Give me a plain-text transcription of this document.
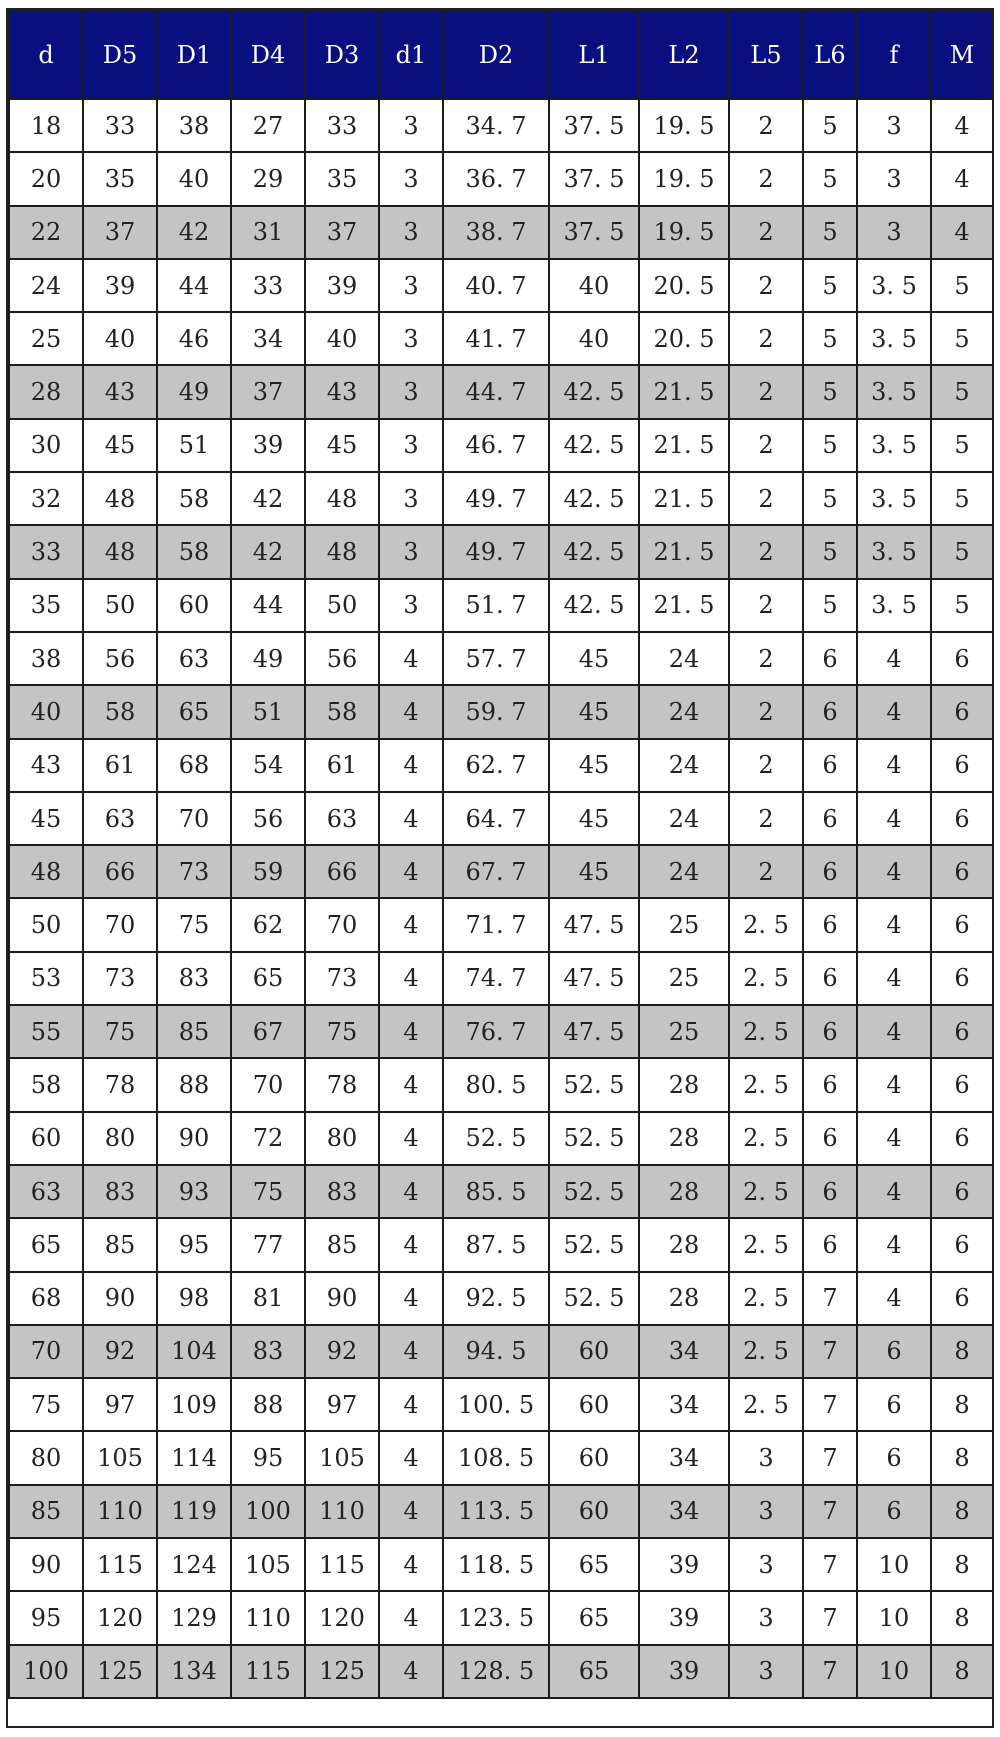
d	D5	D1	D4	D3	d1	D2	L1	L2	L5	L6	f	M
18	33	38	27	33	3	34. 7	37. 5	19. 5	2	5	3	4
20	35	40	29	35	3	36. 7	37. 5	19. 5	2	5	3	4
22	37	42	31	37	3	38. 7	37. 5	19. 5	2	5	3	4
24	39	44	33	39	3	40. 7	40	20. 5	2	5	3. 5	5
25	40	46	34	40	3	41. 7	40	20. 5	2	5	3. 5	5
28	43	49	37	43	3	44. 7	42. 5	21. 5	2	5	3. 5	5
30	45	51	39	45	3	46. 7	42. 5	21. 5	2	5	3. 5	5
32	48	58	42	48	3	49. 7	42. 5	21. 5	2	5	3. 5	5
33	48	58	42	48	3	49. 7	42. 5	21. 5	2	5	3. 5	5
35	50	60	44	50	3	51. 7	42. 5	21. 5	2	5	3. 5	5
38	56	63	49	56	4	57. 7	45	24	2	6	4	6
40	58	65	51	58	4	59. 7	45	24	2	6	4	6
43	61	68	54	61	4	62. 7	45	24	2	6	4	6
45	63	70	56	63	4	64. 7	45	24	2	6	4	6
48	66	73	59	66	4	67. 7	45	24	2	6	4	6
50	70	75	62	70	4	71. 7	47. 5	25	2. 5	6	4	6
53	73	83	65	73	4	74. 7	47. 5	25	2. 5	6	4	6
55	75	85	67	75	4	76. 7	47. 5	25	2. 5	6	4	6
58	78	88	70	78	4	80. 5	52. 5	28	2. 5	6	4	6
60	80	90	72	80	4	52. 5	52. 5	28	2. 5	6	4	6
63	83	93	75	83	4	85. 5	52. 5	28	2. 5	6	4	6
65	85	95	77	85	4	87. 5	52. 5	28	2. 5	6	4	6
68	90	98	81	90	4	92. 5	52. 5	28	2. 5	7	4	6
70	92	104	83	92	4	94. 5	60	34	2. 5	7	6	8
75	97	109	88	97	4	100. 5	60	34	2. 5	7	6	8
80	105	114	95	105	4	108. 5	60	34	3	7	6	8
85	110	119	100	110	4	113. 5	60	34	3	7	6	8
90	115	124	105	115	4	118. 5	65	39	3	7	10	8
95	120	129	110	120	4	123. 5	65	39	3	7	10	8
100	125	134	115	125	4	128. 5	65	39	3	7	10	8
